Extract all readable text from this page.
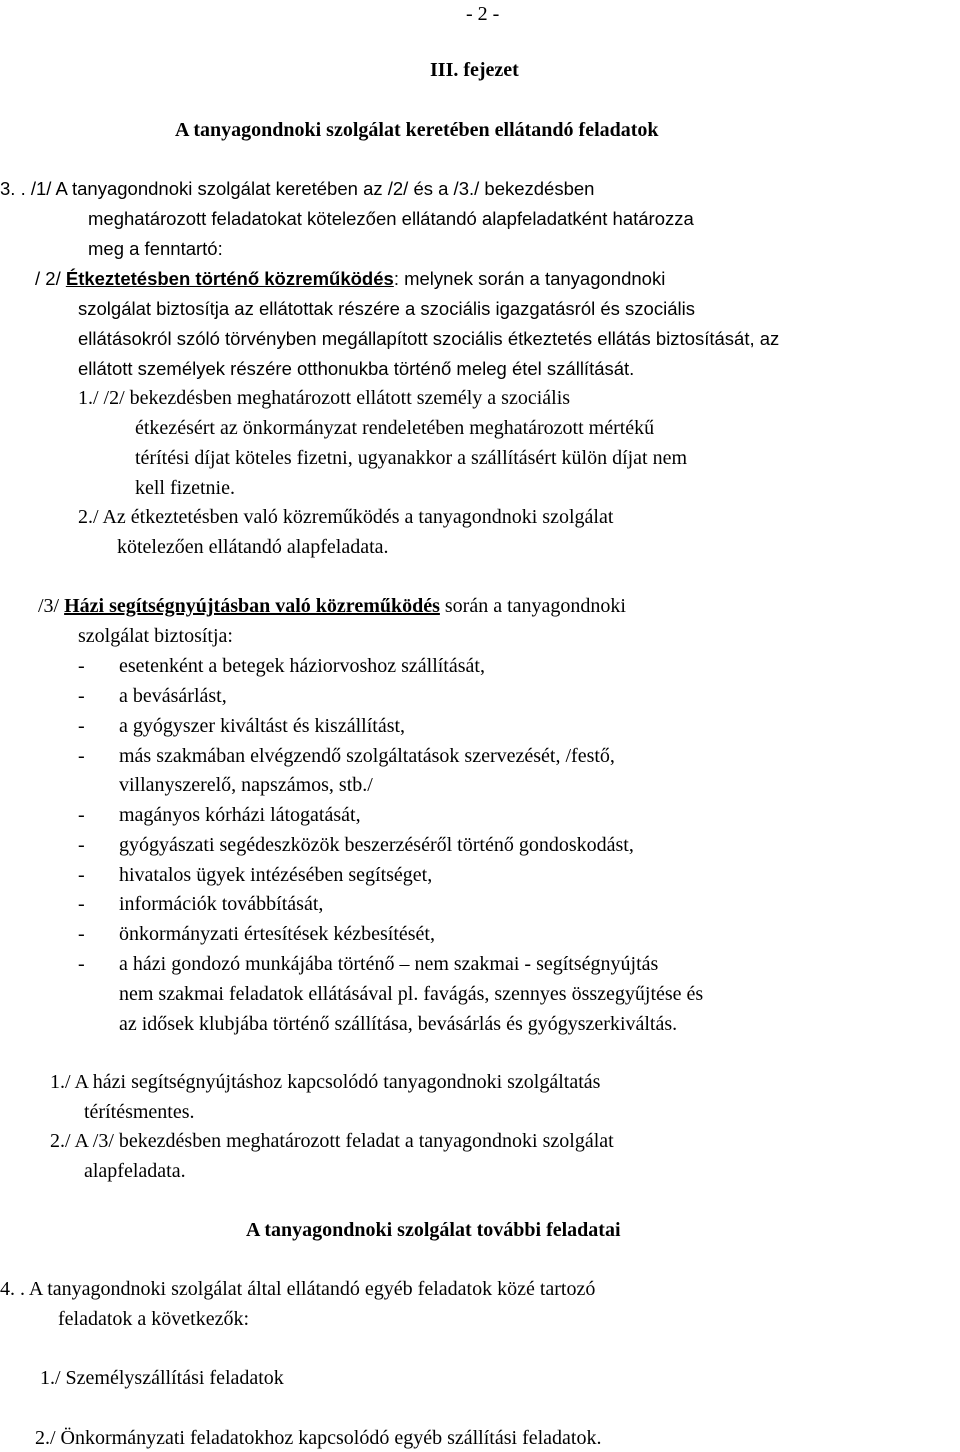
- 2 -
III. fejezet
A tanyagondnoki szolgálat keretében ellátandó feladatok
3. . /1/ A tanyagondnoki szolgálat keretében az /2/ és a /3./ bekezdésben
meghatározott feladatokat kötelezően ellátandó alapfeladatként határozza
meg a fenntartó:
/ 2/ Étkeztetésben történő közreműködés: melynek során a tanyagondnoki
szolgálat biztosítja az ellátottak részére a szociális igazgatásról és szociális
ellátásokról szóló törvényben megállapított szociális étkeztetés ellátás biztosítását, az
ellátott személyek részére otthonukba történő meleg étel szállítását.
1./ /2/ bekezdésben meghatározott ellátott személy a szociális
étkezésért az önkormányzat rendeletében meghatározott mértékű
térítési díjat köteles fizetni, ugyanakkor a szállításért külön díjat nem
kell fizetnie.
2./ Az étkeztetésben való közreműködés a tanyagondnoki szolgálat
kötelezően ellátandó alapfeladata.
/3/ Házi segítségnyújtásban való közreműködés során a tanyagondnoki
szolgálat biztosítja:
- esetenként a betegek háziorvoshoz szállítását,
- a bevásárlást,
- a gyógyszer kiváltást és kiszállítást,
- más szakmában elvégzendő szolgáltatások szervezését, /festő,
villanyszerelő, napszámos, stb./
- magányos kórházi látogatását,
- gyógyászati segédeszközök beszerzéséről történő gondoskodást,
- hivatalos ügyek intézésében segítséget,
- információk továbbítását,
- önkormányzati értesítések kézbesítését,
- a házi gondozó munkájába történő – nem szakmai - segítségnyújtás
nem szakmai feladatok ellátásával pl. favágás, szennyes összegyűjtése és
az idősek klubjába történő szállítása, bevásárlás és gyógyszerkiváltás.
1./ A házi segítségnyújtáshoz kapcsolódó tanyagondnoki szolgáltatás
térítésmentes.
2./ A /3/ bekezdésben meghatározott feladat a tanyagondnoki szolgálat
alapfeladata.
A tanyagondnoki szolgálat további feladatai
4. . A tanyagondnoki szolgálat által ellátandó egyéb feladatok közé tartozó
feladatok a következők:
1./ Személyszállítási feladatok
2./ Önkormányzati feladatokhoz kapcsolódó egyéb szállítási feladatok.
